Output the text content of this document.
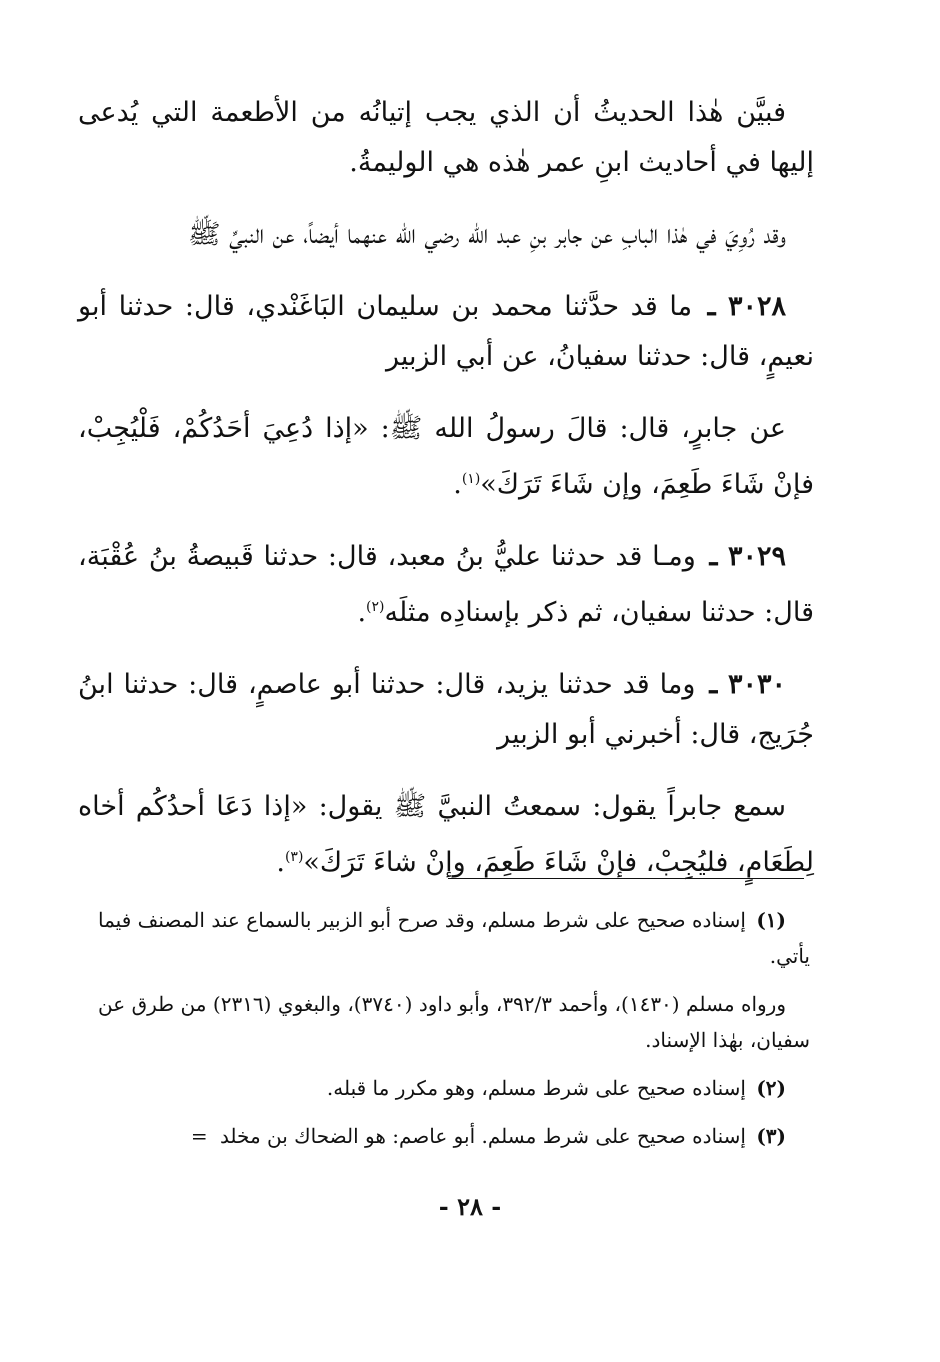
فبيَّن هٰذا الحديثُ أن الذي يجب إتيانُه من الأطعمة التي يُدعى إليها في أحاديث ابنِ عمر هٰذه هي الوليمةُ.

وقد رُوِيَ في هٰذا البابِ عن جابر بنِ عبد الله رضي الله عنهما أيضاً، عن النبيِّ ﷺ

٣٠٢٨ ـ ما قد حدَّثنا محمد بن سليمان البَاغَنْدي، قال: حدثنا أبو نعيمٍ، قال: حدثنا سفيانُ، عن أبي الزبير

عن جابرٍ، قال: قالَ رسولُ الله ﷺ: «إذا دُعِيَ أحَدُكُمْ، فَلْيُجِبْ، فإنْ شَاءَ طَعِمَ، وإن شَاءَ تَرَكَ»$^{(١)}$.

٣٠٢٩ ـ ومـا قد حدثنا عليُّ بنُ معبد، قال: حدثنا قَبيصةُ بنُ عُقْبَة، قال: حدثنا سفيان، ثم ذكر بإسنادِه مثلَه$^{(٢)}$.

٣٠٣٠ ـ وما قد حدثنا يزيد، قال: حدثنا أبو عاصمٍ، قال: حدثنا ابنُ جُرَيج، قال: أخبرني أبو الزبير

سمع جابراً يقول: سمعتُ النبيَّ ﷺ يقول: «إذا دَعَا أحدُكُم أخاه لِطَعَامٍ، فليُجِبْ، فإنْ شَاءَ طَعِمَ، وإنْ شاءَ تَرَكَ»$^{(٣)}$.

(١) إسناده صحيح على شرط مسلم، وقد صرح أبو الزبير بالسماع عند المصنف فيما يأتي.

ورواه مسلم (١٤٣٠)، وأحمد ٣٩٢/٣، وأبو داود (٣٧٤٠)، والبغوي (٢٣١٦) من طرق عن سفيان، بهٰذا الإسناد.

(٢) إسناده صحيح على شرط مسلم، وهو مكرر ما قبله.

(٣) إسناده صحيح على شرط مسلم. أبو عاصم: هو الضحاك بن مخلد =

- ٢٨ -
